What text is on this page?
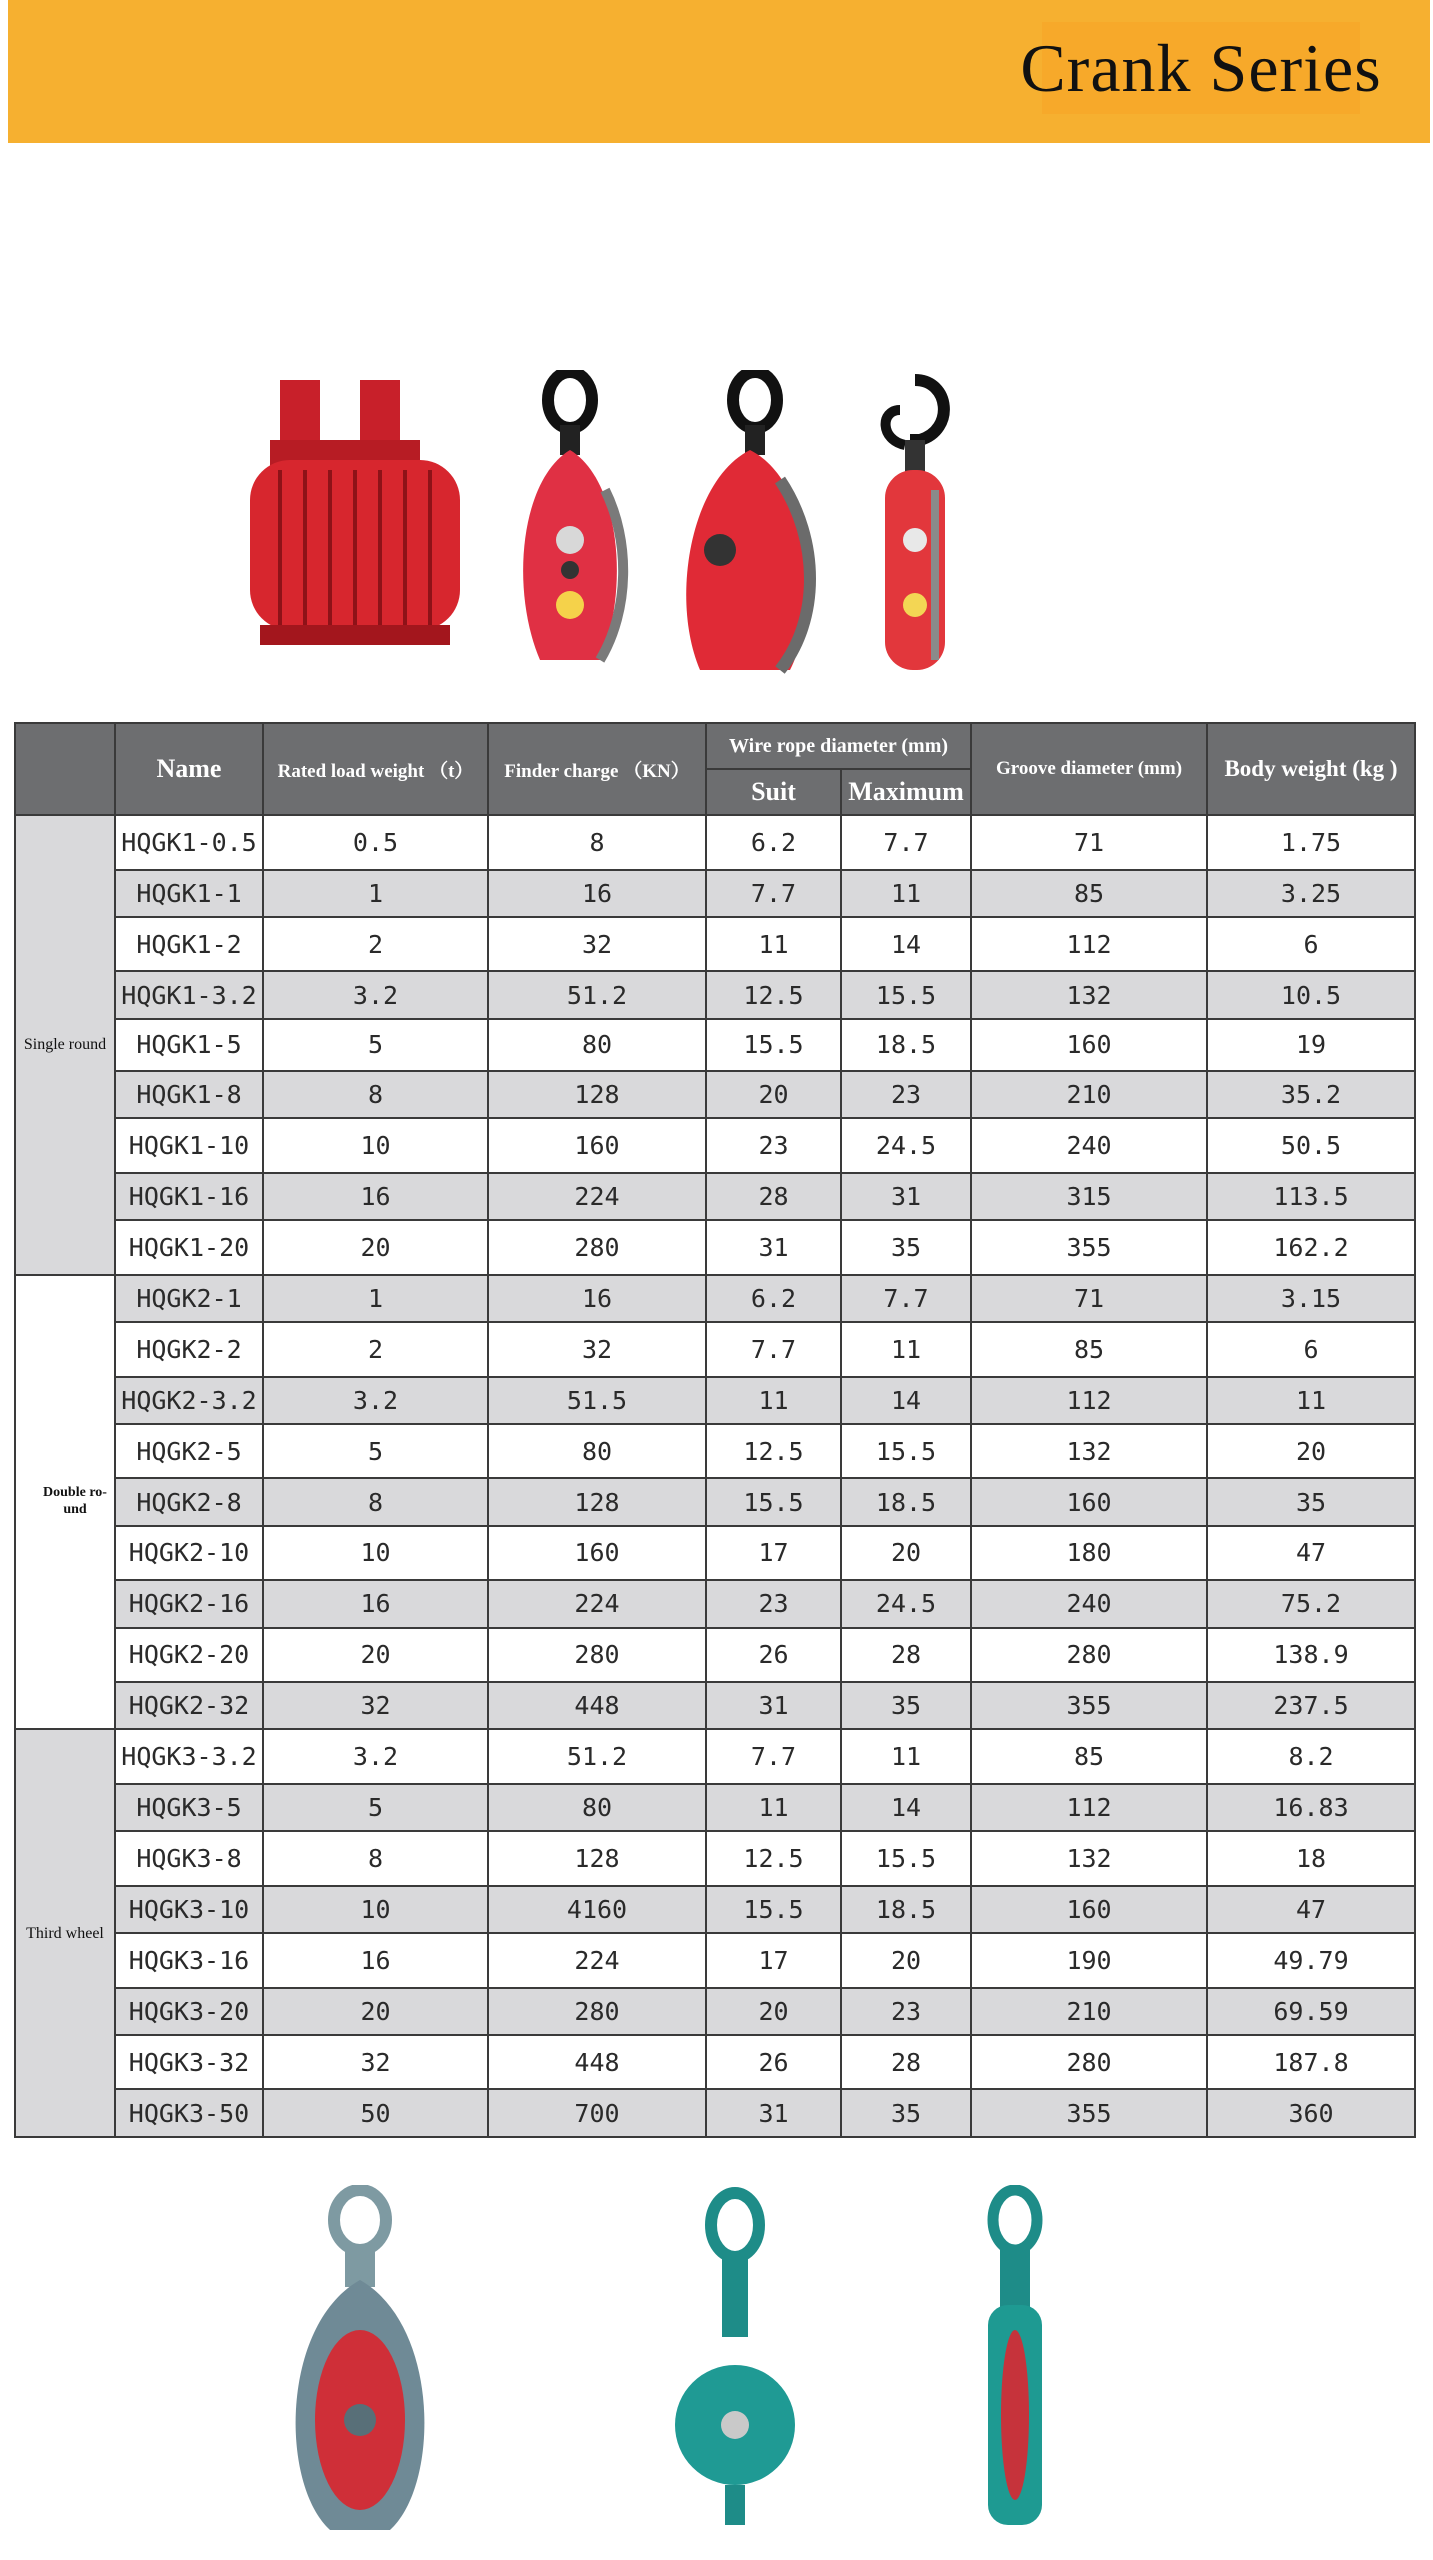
Crank Series
	Name	Rated load weight （t）	Finder charge （KN）	Wire rope diameter (mm)		Groove diameter (mm)	Body weight (kg )
				Suit	Maximum		
Single round	HQGK1-0.5	0.5	8	6.2	7.7	71	1.75
	HQGK1-1	1	16	7.7	11	85	3.25
	HQGK1-2	2	32	11	14	112	6
	HQGK1-3.2	3.2	51.2	12.5	15.5	132	10.5
	HQGK1-5	5	80	15.5	18.5	160	19
	HQGK1-8	8	128	20	23	210	35.2
	HQGK1-10	10	160	23	24.5	240	50.5
	HQGK1-16	16	224	28	31	315	113.5
	HQGK1-20	20	280	31	35	355	162.2
Double ro-und	HQGK2-1	1	16	6.2	7.7	71	3.15
	HQGK2-2	2	32	7.7	11	85	6
	HQGK2-3.2	3.2	51.5	11	14	112	11
	HQGK2-5	5	80	12.5	15.5	132	20
	HQGK2-8	8	128	15.5	18.5	160	35
	HQGK2-10	10	160	17	20	180	47
	HQGK2-16	16	224	23	24.5	240	75.2
	HQGK2-20	20	280	26	28	280	138.9
	HQGK2-32	32	448	31	35	355	237.5
Third wheel	HQGK3-3.2	3.2	51.2	7.7	11	85	8.2
	HQGK3-5	5	80	11	14	112	16.83
	HQGK3-8	8	128	12.5	15.5	132	18
	HQGK3-10	10	4160	15.5	18.5	160	47
	HQGK3-16	16	224	17	20	190	49.79
	HQGK3-20	20	280	20	23	210	69.59
	HQGK3-32	32	448	26	28	280	187.8
	HQGK3-50	50	700	31	35	355	360
